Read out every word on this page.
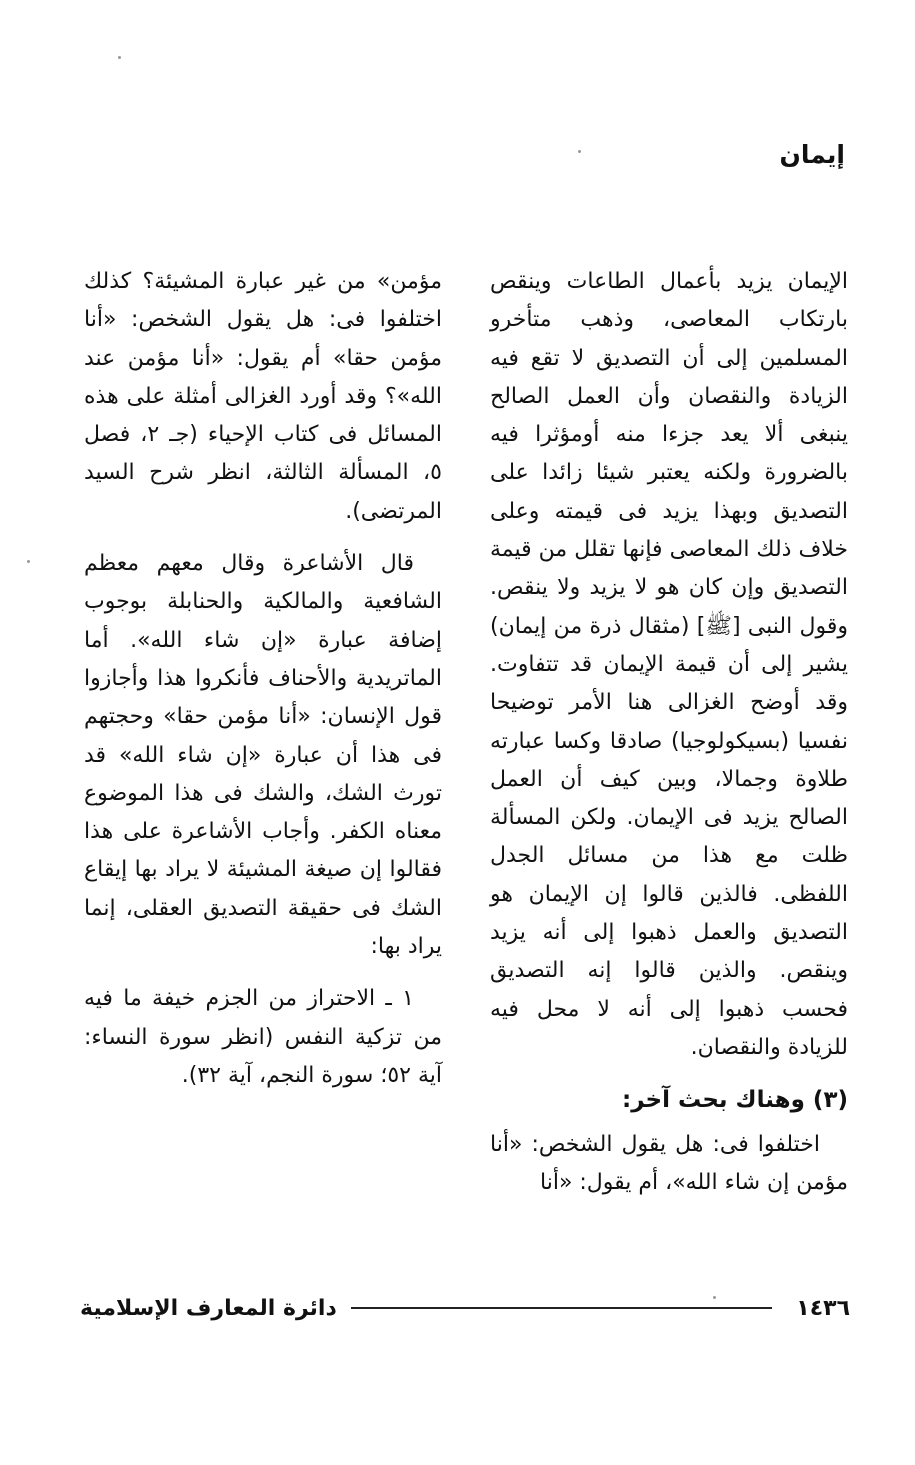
إيمان

الإيمان يزيد بأعمال الطاعات وينقص بارتكاب المعاصى، وذهب متأخرو المسلمين إلى أن التصديق لا تقع فيه الزيادة والنقصان وأن العمل الصالح ينبغى ألا يعد جزءا منه أومؤثرا فيه بالضرورة ولكنه يعتبر شيئا زائدا على التصديق وبهذا يزيد فى قيمته وعلى خلاف ذلك المعاصى فإنها تقلل من قيمة التصديق وإن كان هو لا يزيد ولا ينقص. وقول النبى [ﷺ] (مثقال ذرة من إيمان) يشير إلى أن قيمة الإيمان قد تتفاوت. وقد أوضح الغزالى هنا الأمر توضيحا نفسيا (بسيكولوجيا) صادقا وكسا عبارته طلاوة وجمالا، وبين كيف أن العمل الصالح يزيد فى الإيمان. ولكن المسألة ظلت مع هذا من مسائل الجدل اللفظى. فالذين قالوا إن الإيمان هو التصديق والعمل ذهبوا إلى أنه يزيد وينقص. والذين قالوا إنه التصديق فحسب ذهبوا إلى أنه لا محل فيه للزيادة والنقصان.

(٣) وهناك بحث آخر:

اختلفوا فى: هل يقول الشخص: «أنا مؤمن إن شاء الله»، أم يقول: «أنا

مؤمن» من غير عبارة المشيئة؟ كذلك اختلفوا فى: هل يقول الشخص: «أنا مؤمن حقا» أم يقول: «أنا مؤمن عند الله»؟ وقد أورد الغزالى أمثلة على هذه المسائل فى كتاب الإحياء (جـ ٢، فصل ٥، المسألة الثالثة، انظر شرح السيد المرتضى).

قال الأشاعرة وقال معهم معظم الشافعية والمالكية والحنابلة بوجوب إضافة عبارة «إن شاء الله». أما الماتريدية والأحناف فأنكروا هذا وأجازوا قول الإنسان: «أنا مؤمن حقا» وحجتهم فى هذا أن عبارة «إن شاء الله» قد تورث الشك، والشك فى هذا الموضوع معناه الكفر. وأجاب الأشاعرة على هذا فقالوا إن صيغة المشيئة لا يراد بها إيقاع الشك فى حقيقة التصديق العقلى، إنما يراد بها:

١ ـ الاحتراز من الجزم خيفة ما فيه من تزكية النفس (انظر سورة النساء: آية ٥٢؛ سورة النجم، آية ٣٢).

١٤٣٦
دائرة المعارف الإسلامية
